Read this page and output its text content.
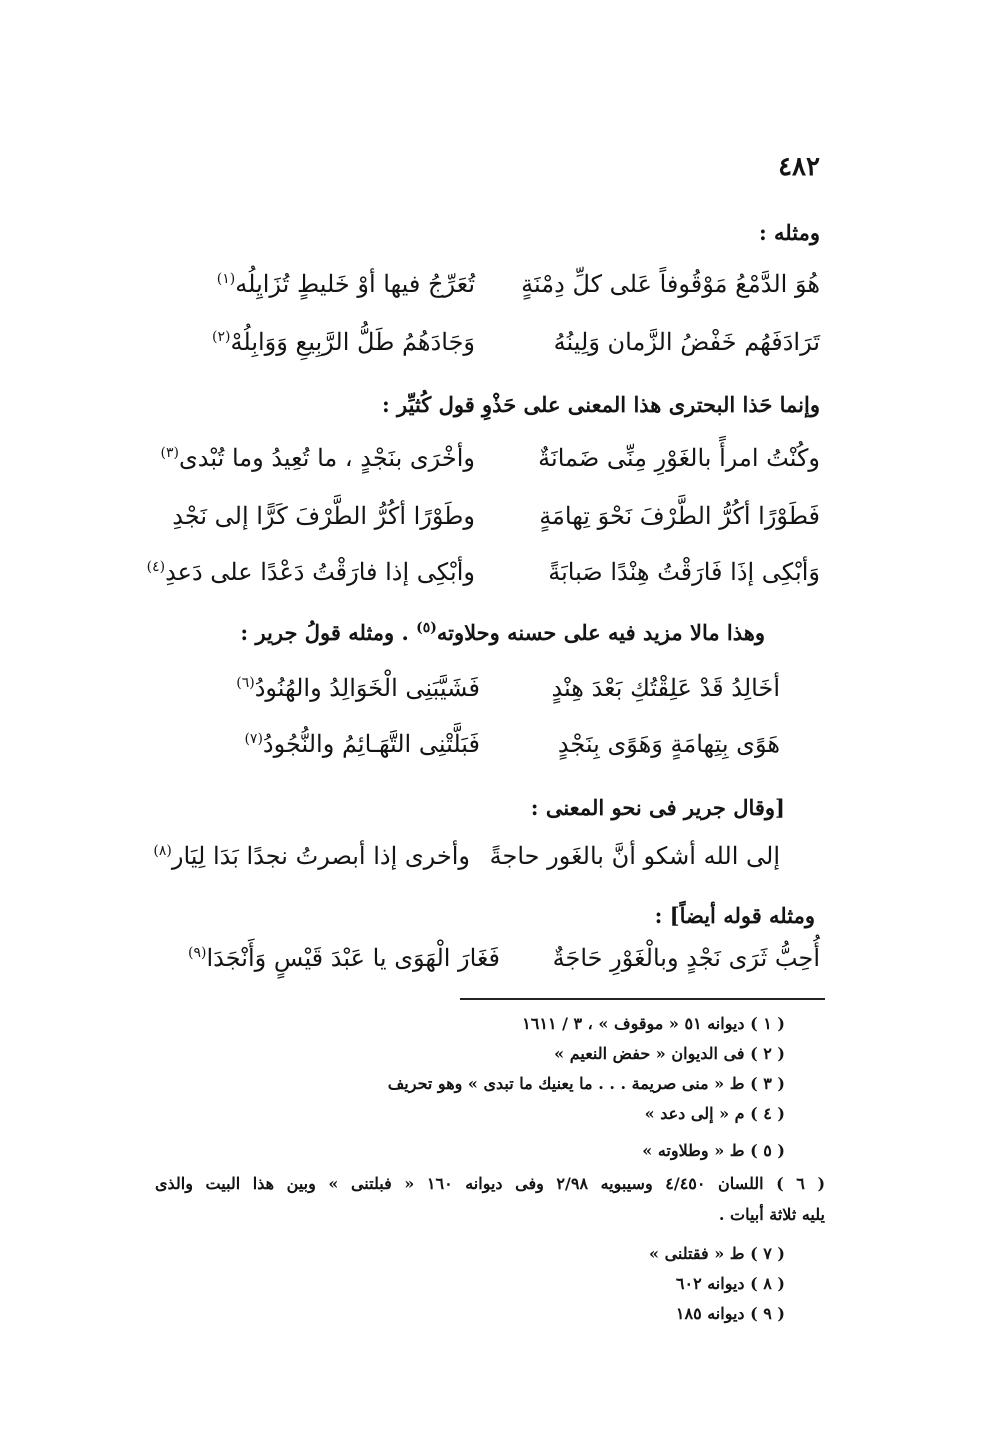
٤٨٢
ومثله :
هُوَ الدَّمْعُ مَوْقُوفاً عَلى كلِّ دِمْنَةٍ
تُعَرِّجُ فيها أوْ خَليطٍ تُزَايِلُه$^{(١)}$
تَرَادَفَهُم خَفْضُ الزَّمان وَلِينُهُ
وَجَادَهُمُ طَلُّ الرَّبِيعِ وَوَابِلُهْ$^{(٢)}$
وإنما حَذا البحترى هذا المعنى على حَذْوِ قول كُثيِّر :
وكُنْتُ امرأً بالغَوْرِ مِنِّى ضَمانَةٌ
وأخْرَى بنَجْدٍ ، ما تُعِيدُ وما تُبْدى$^{(٣)}$
فَطَوْرًا أكُرُّ الطَّرْفَ نَحْوَ تِهامَةٍ
وطَوْرًا أكُرُّ الطَّرْفَ كَرًّا إلى نَجْدِ
وَأبْكِى إذَا فَارَقْتُ هِنْدًا صَبابَةً
وأبْكِى إذا فارَقْتُ دَعْدًا على دَعدِ$^{(٤)}$
وهذا مالا مزيد فيه على حسنه وحلاوته$^{(٥)}$ . ومثله قولُ جرير :
أخَالِدُ قَدْ عَلِقْتُكِ بَعْدَ هِنْدٍ
فَشَيَّبَنِى الْخَوَالِدُ والهُنُودُ$^{(٦)}$
هَوًى بِتِهامَةٍ وَهَوًى بِنَجْدٍ
فَبَلَّتْنِى التَّهَـائِمُ والنُّجُودُ$^{(٧)}$
[وقال جرير فى نحو المعنى :
إلى الله أشكو أنَّ بالغَور حاجةً
وأخرى إذا أبصرتُ نجدًا بَدَا لِيَار$^{(٨)}$
ومثله قوله أيضاً] :
أُحِبُّ ثَرَى نَجْدٍ وبالْغَوْرِ حَاجَةٌ
فَغَارَ الْهَوَى يا عَبْدَ قَيْسٍ وَأَنْجَدَا$^{(٩)}$
( ١ ) ديوانه ٥١ « موقوف » ، ٣ / ١٦١١
( ٢ ) فى الديوان « حفض النعيم »
( ٣ ) ط « منى صريمة . . . ما يعنيك ما تبدى » وهو تحريف
( ٤ ) م « إلى دعد »
( ٥ ) ط « وطلاوته »
( ٦ ) اللسان ٤/٤٥٠ وسيبويه ٢/٩٨ وفى ديوانه ١٦٠ « فبلتنى » وبين هذا البيت والذى
يليه ثلاثة أبيات .
( ٧ ) ط « فقتلنى »
( ٨ ) ديوانه ٦٠٢
( ٩ ) ديوانه ١٨٥
